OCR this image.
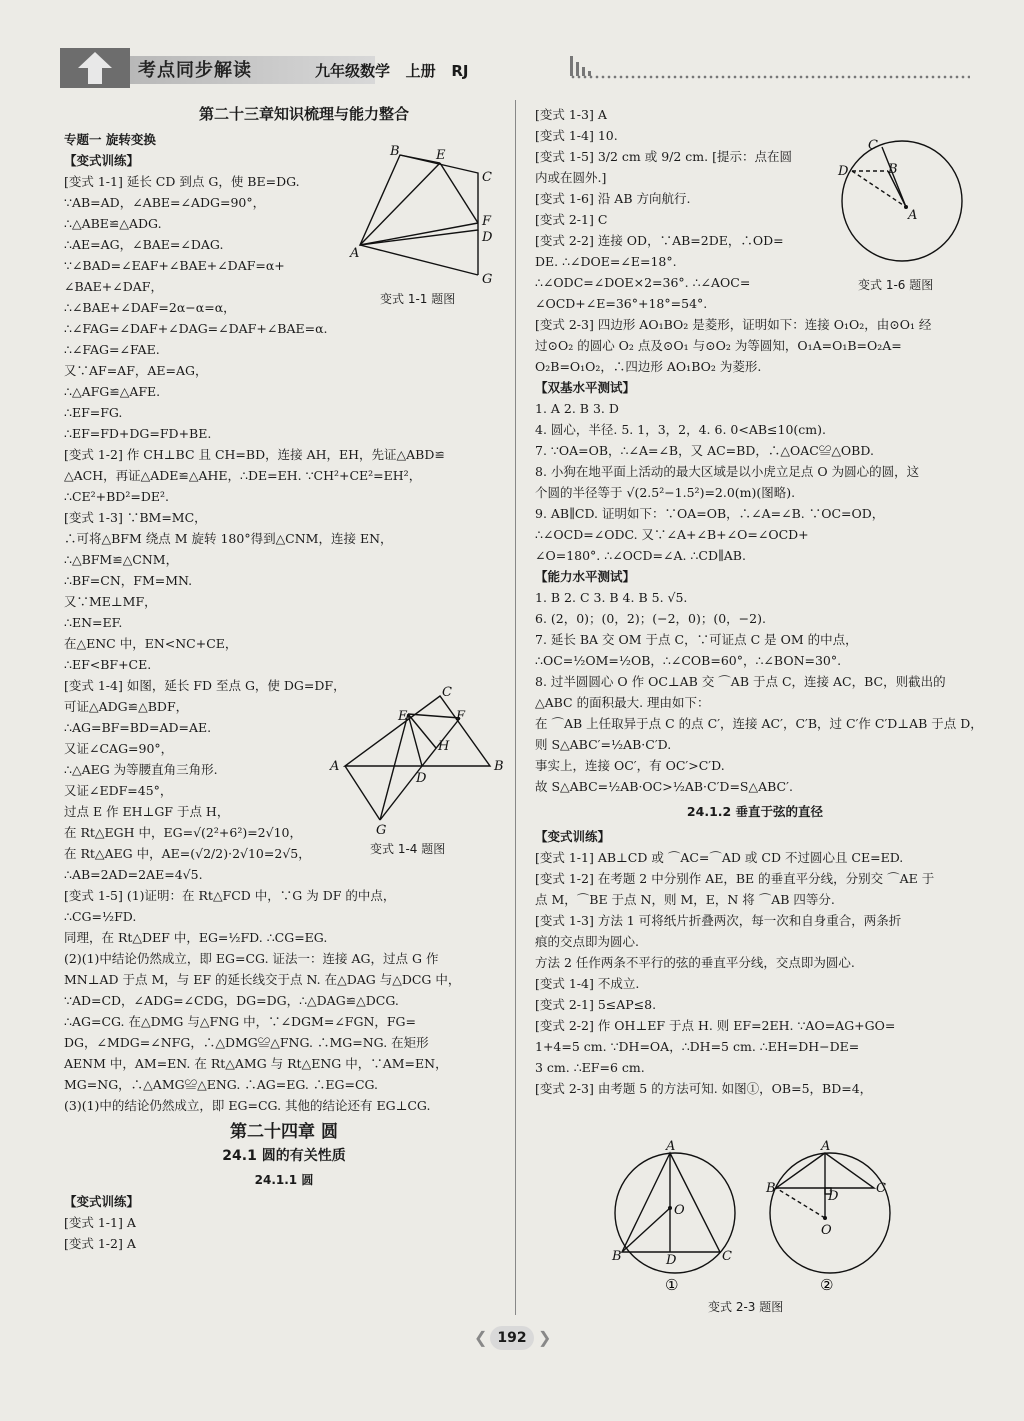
考点同步解读	九年级数学   上册   RJ

第二十三章知识梳理与能力整合

专题一 旋转变换

【变式训练】

[变式 1-1] 延长 CD 到点 G，使 BE=DG.

∵AB=AD，∠ABE=∠ADG=90°，

∴△ABE≌△ADG.

∴AE=AG，∠BAE=∠DAG.

∵∠BAD=∠EAF+∠BAE+∠DAF=α+

∠BAE+∠DAF，

∴∠BAE+∠DAF=2α−α=α，

∴∠FAG=∠DAF+∠DAG=∠DAF+∠BAE=α.

∴∠FAG=∠FAE.

又∵AF=AF，AE=AG，

∴△AFG≌△AFE.

∴EF=FG.

∴EF=FD+DG=FD+BE.

[变式 1-2] 作 CH⊥BC 且 CH=BD，连接 AH，EH，先证△ABD≌

△ACH，再证△ADE≌△AHE，∴DE=EH. ∵CH²+CE²=EH²，

∴CE²+BD²=DE².

[变式 1-3] ∵BM=MC，

∴可将△BFM 绕点 M 旋转 180°得到△CNM，连接 EN，

∴△BFM≌△CNM，

∴BF=CN，FM=MN.

又∵ME⊥MF，

∴EN=EF.

在△ENC 中，EN<NC+CE，

∴EF<BF+CE.

[变式 1-4] 如图，延长 FD 至点 G，使 DG=DF，

可证△ADG≌△BDF，

∴AG=BF=BD=AD=AE.

又证∠CAG=90°，

∴△AEG 为等腰直角三角形.

又证∠EDF=45°，

过点 E 作 EH⊥GF 于点 H，

在 Rt△EGH 中，EG=√(2²+6²)=2√10，

在 Rt△AEG 中，AE=(√2/2)·2√10=2√5，

∴AB=2AD=2AE=4√5.

[变式 1-5] (1)证明：在 Rt△FCD 中，∵G 为 DF 的中点，

∴CG=½FD.

同理，在 Rt△DEF 中，EG=½FD. ∴CG=EG.

(2)(1)中结论仍然成立，即 EG=CG. 证法一：连接 AG，过点 G 作

MN⊥AD 于点 M，与 EF 的延长线交于点 N. 在△DAG 与△DCG 中，

∵AD=CD，∠ADG=∠CDG，DG=DG，∴△DAG≌△DCG.

∴AG=CG. 在△DMG 与△FNG 中，∵∠DGM=∠FGN，FG=

DG，∠MDG=∠NFG，∴△DMG≌△FNG. ∴MG=NG. 在矩形

AENM 中，AM=EN. 在 Rt△AMG 与 Rt△ENG 中，∵AM=EN，

MG=NG，∴△AMG≌△ENG. ∴AG=EG. ∴EG=CG.

(3)(1)中的结论仍然成立，即 EG=CG. 其他的结论还有 EG⊥CG.

第二十四章 圆

24.1 圆的有关性质

24.1.1 圆

【变式训练】

[变式 1-1] A

[变式 1-2] A

B	E
C
F
D
A
G
变式 1-1 题图
C
E	F
H
A
D
B
G
变式 1-4 题图

[变式 1-3] A

[变式 1-4] 10.

[变式 1-5] 3/2 cm 或 9/2 cm. [提示：点在圆

内或在圆外.]

[变式 1-6] 沿 AB 方向航行.

[变式 2-1] C

[变式 2-2] 连接 OD，∵AB=2DE，∴OD=

DE. ∴∠DOE=∠E=18°.

∴∠ODC=∠DOE×2=36°. ∴∠AOC=

∠OCD+∠E=36°+18°=54°.

[变式 2-3] 四边形 AO₁BO₂ 是菱形，证明如下：连接 O₁O₂，由⊙O₁ 经

过⊙O₂ 的圆心 O₂ 点及⊙O₁ 与⊙O₂ 为等圆知，O₁A=O₁B=O₂A=

O₂B=O₁O₂，∴四边形 AO₁BO₂ 为菱形.

【双基水平测试】

1. A 2. B 3. D

4. 圆心，半径. 5. 1，3，2，4. 6. 0<AB≤10(cm).

7. ∵OA=OB，∴∠A=∠B，又 AC=BD，∴△OAC≌△OBD.

8. 小狗在地平面上活动的最大区域是以小虎立足点 O 为圆心的圆，这

个圆的半径等于 √(2.5²−1.5²)=2.0(m)(图略).

9. AB∥CD. 证明如下：∵OA=OB，∴∠A=∠B. ∵OC=OD，

∴∠OCD=∠ODC. 又∵∠A+∠B+∠O=∠OCD+

∠O=180°. ∴∠OCD=∠A. ∴CD∥AB.

【能力水平测试】

1. B 2. C 3. B 4. B 5. √5.

6. (2，0)；(0，2)；(−2，0)；(0，−2).

7. 延长 BA 交 OM 于点 C，∵可证点 C 是 OM 的中点，

∴OC=½OM=½OB，∴∠COB=60°，∴∠BON=30°.

8. 过半圆圆心 O 作 OC⊥AB 交 ⌒AB 于点 C，连接 AC，BC，则截出的

△ABC 的面积最大. 理由如下：

在 ⌒AB 上任取异于点 C 的点 C′，连接 AC′，C′B，过 C′作 C′D⊥AB 于点 D，

则 S△ABC′=½AB·C′D.

事实上，连接 OC′，有 OC′>C′D.

故 S△ABC=½AB·OC>½AB·C′D=S△ABC′.

24.1.2 垂直于弦的直径

【变式训练】

[变式 1-1] AB⊥CD 或 ⌒AC=⌒AD 或 CD 不过圆心且 CE=ED.

[变式 1-2] 在考题 2 中分别作 AE，BE 的垂直平分线，分别交 ⌒AE 于

点 M，⌒BE 于点 N，则 M，E，N 将 ⌒AB 四等分.

[变式 1-3] 方法 1 可将纸片折叠两次，每一次和自身重合，两条折

痕的交点即为圆心.

方法 2 任作两条不平行的弦的垂直平分线，交点即为圆心.

[变式 1-4] 不成立.

[变式 2-1] 5≤AP≤8.

[变式 2-2] 作 OH⊥EF 于点 H. 则 EF=2EH. ∵AO=AG+GO=

1+4=5 cm. ∵DH=OA，∴DH=5 cm. ∴EH=DH−DE=

3 cm. ∴EF=6 cm.

[变式 2-3] 由考题 5 的方法可知. 如图①，OB=5，BD=4，

C
B
D
A
变式 1-6 题图
A
O
B	D	C
A
B
D
C
O
①	②
变式 2-3 题图
❮ 192 ❯
